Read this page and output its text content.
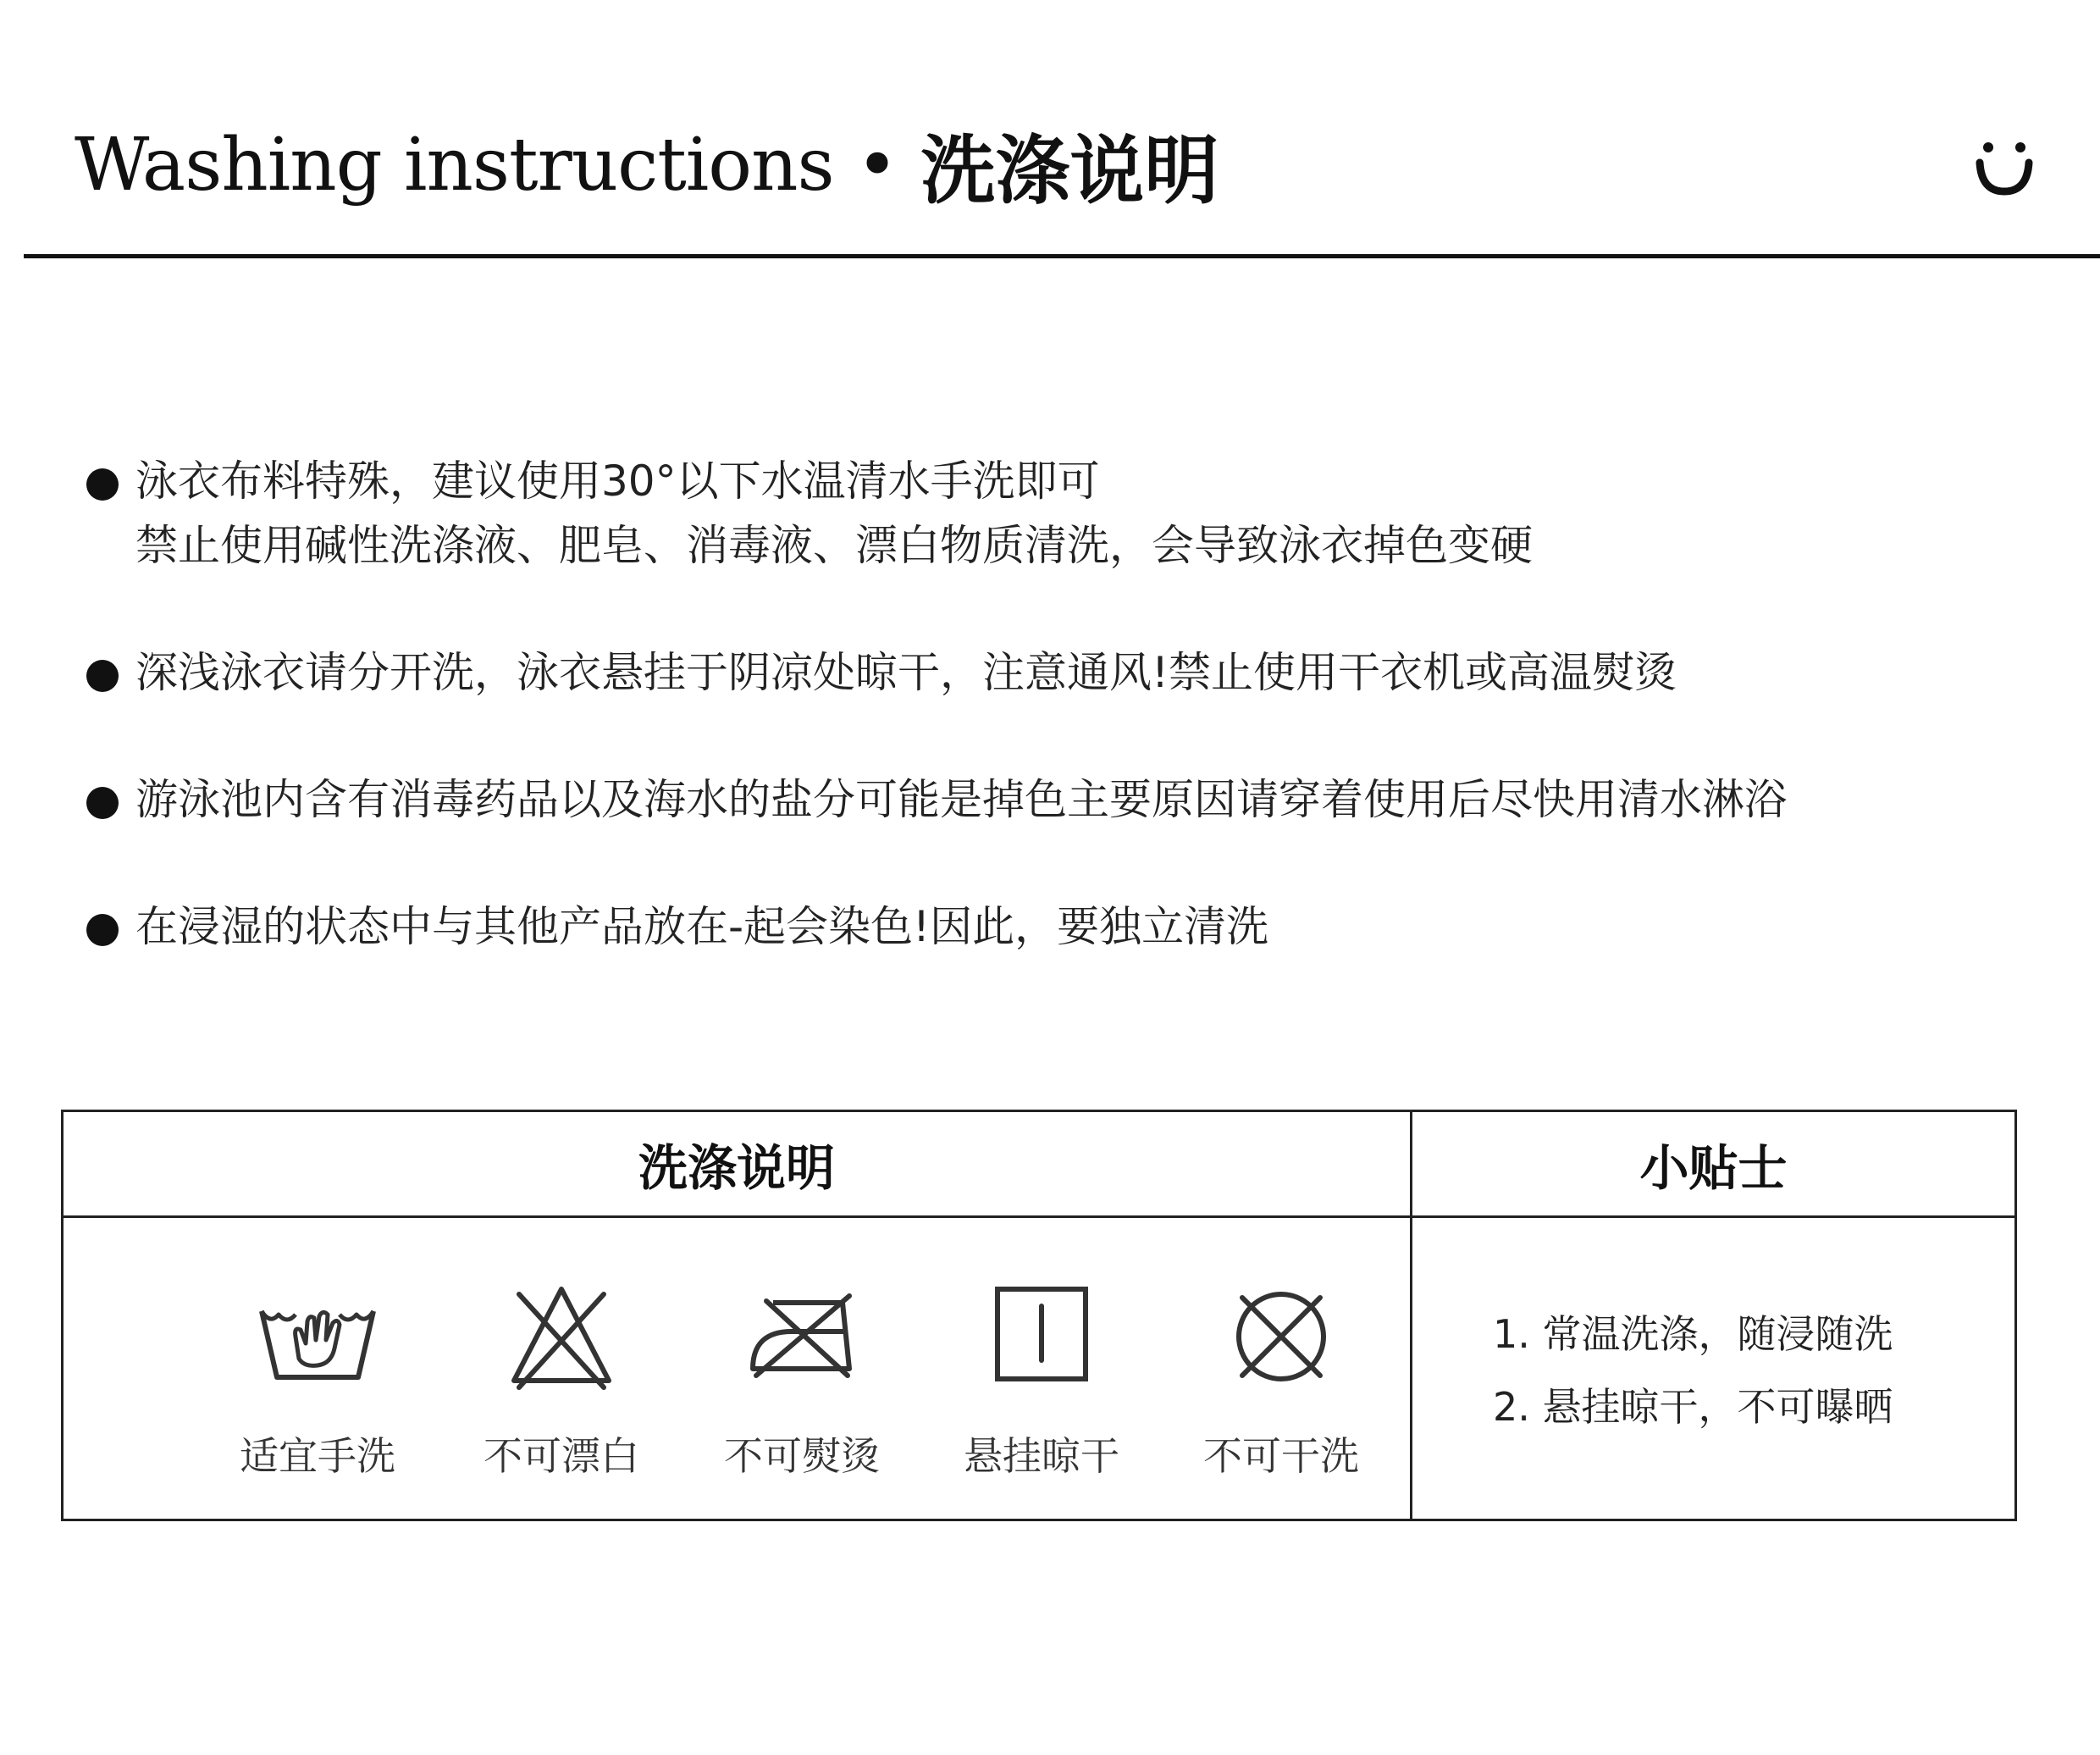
Washing instructions • 洗涤说明
泳衣布料特殊，建议使用30°以下水温清水手洗即可
禁止使用碱性洗涤液、肥皂、消毒液、漂白物质清洗，会导致泳衣掉色变硬
深浅泳衣请分开洗，泳衣悬挂于阴凉处晾干，注意通风!禁止使用干衣机或高温熨烫
游泳池内含有消毒药品以及海水的盐分可能是掉色主要原因请穿着使用后尽快用清水淋浴
在浸湿的状态中与其他产品放在-起会染色!因此，要独立清洗
洗涤说明	小贴士
适宜手洗	不可漂白	不可熨烫	悬挂晾干	不可干洗
1. 常温洗涤，随浸随洗
2. 悬挂晾干，不可曝晒
